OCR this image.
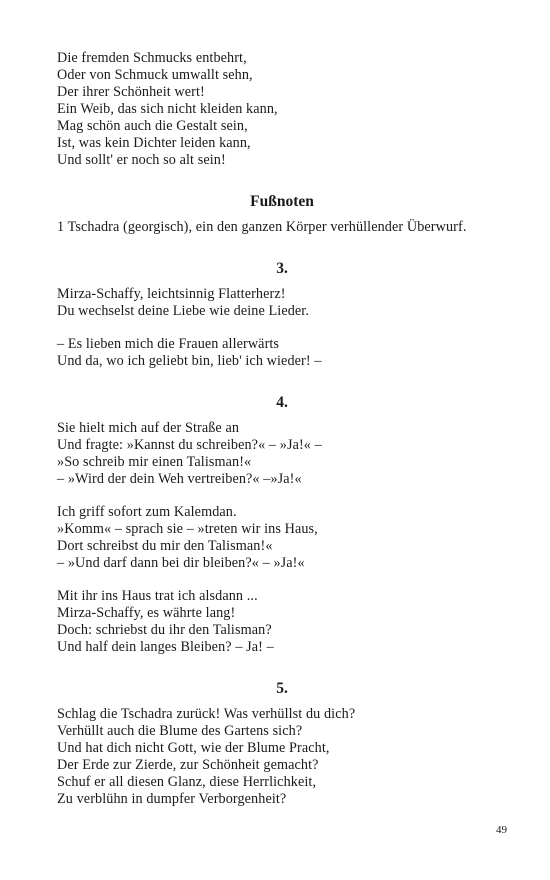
Die fremden Schmucks entbehrt,
Oder von Schmuck umwallt sehn,
Der ihrer Schönheit wert!
Ein Weib, das sich nicht kleiden kann,
Mag schön auch die Gestalt sein,
Ist, was kein Dichter leiden kann,
Und sollt' er noch so alt sein!
Fußnoten
1 Tschadra (georgisch), ein den ganzen Körper verhüllender Überwurf.
3.
Mirza-Schaffy, leichtsinnig Flatterherz!
Du wechselst deine Liebe wie deine Lieder.
– Es lieben mich die Frauen allerwärts
Und da, wo ich geliebt bin, lieb' ich wieder! –
4.
Sie hielt mich auf der Straße an
Und fragte: »Kannst du schreiben?« – »Ja!« –
»So schreib mir einen Talisman!«
– »Wird der dein Weh vertreiben?« –»Ja!«
Ich griff sofort zum Kalemdan.
»Komm« – sprach sie – »treten wir ins Haus,
Dort schreibst du mir den Talisman!«
– »Und darf dann bei dir bleiben?« – »Ja!«
Mit ihr ins Haus trat ich alsdann ...
Mirza-Schaffy, es währte lang!
Doch: schriebst du ihr den Talisman?
Und half dein langes Bleiben? – Ja! –
5.
Schlag die Tschadra zurück! Was verhüllst du dich?
Verhüllt auch die Blume des Gartens sich?
Und hat dich nicht Gott, wie der Blume Pracht,
Der Erde zur Zierde, zur Schönheit gemacht?
Schuf er all diesen Glanz, diese Herrlichkeit,
Zu verblühn in dumpfer Verborgenheit?
49
